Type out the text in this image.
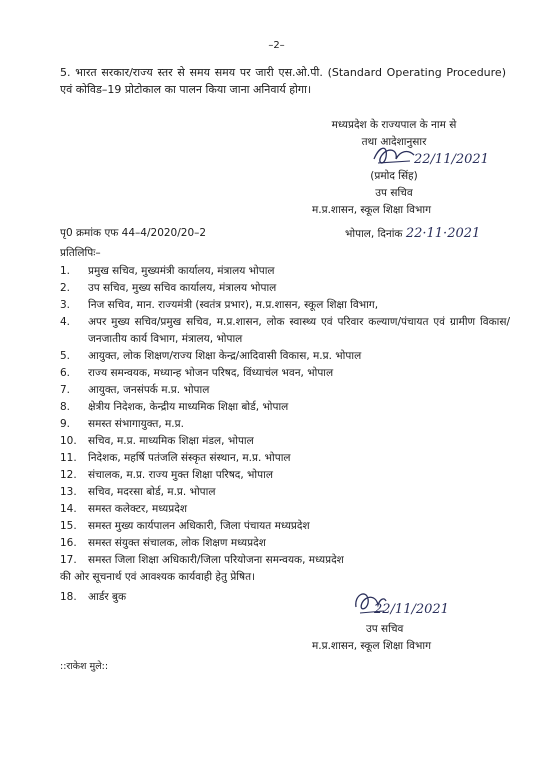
–2–
5. भारत सरकार/राज्य स्तर से समय समय पर जारी एस.ओ.पी. (Standard Operating Procedure) एवं कोविड–19 प्रोटोकाल का पालन किया जाना अनिवार्य होगा।
मध्यप्रदेश के राज्यपाल के नाम से
तथा आदेशानुसार
22/11/2021
(प्रमोद सिंह)
उप सचिव
म.प्र.शासन, स्कूल शिक्षा विभाग
पृ0 क्रमांक एफ 44–4/2020/20–2	भोपाल, दिनांक 22·11·2021
प्रतिलिपिः–
1.	प्रमुख सचिव, मुख्यमंत्री कार्यालय, मंत्रालय भोपाल
2.	उप सचिव, मुख्य सचिव कार्यालय, मंत्रालय भोपाल
3.	निज सचिव, मान. राज्यमंत्री (स्वतंत्र प्रभार), म.प्र.शासन, स्कूल शिक्षा विभाग,
4.	अपर मुख्य सचिव/प्रमुख सचिव, म.प्र.शासन, लोक स्वास्थ्य एवं परिवार कल्याण/पंचायत एवं ग्रामीण विकास/जनजातीय कार्य विभाग, मंत्रालय, भोपाल
5.	आयुक्त, लोक शिक्षण/राज्य शिक्षा केन्द्र/आदिवासी विकास, म.प्र. भोपाल
6.	राज्य समन्वयक, मध्यान्ह भोजन परिषद, विंध्याचंल भवन, भोपाल
7.	आयुक्त, जनसंपर्क म.प्र. भोपाल
8.	क्षेत्रीय निदेशक, केन्द्रीय माध्यमिक शिक्षा बोर्ड, भोपाल
9.	समस्त संभागायुक्त, म.प्र.
10.	सचिव, म.प्र. माध्यमिक शिक्षा मंडल, भोपाल
11.	निदेशक, महर्षि पतंजलि संस्कृत संस्थान, म.प्र. भोपाल
12.	संचालक, म.प्र. राज्य मुक्त शिक्षा परिषद, भोपाल
13.	सचिव, मदरसा बोर्ड, म.प्र. भोपाल
14.	समस्त कलेक्टर, मध्यप्रदेश
15.	समस्त मुख्य कार्यपालन अधिकारी, जिला पंचायत मध्यप्रदेश
16.	समस्त संयुक्त संचालक, लोक शिक्षण मध्यप्रदेश
17.	समस्त जिला शिक्षा अधिकारी/जिला परियोजना समन्वयक, मध्यप्रदेश
की ओर सूचनार्थ एवं आवश्यक कार्यवाही हेतु प्रेषित।
18.	आर्डर बुक
22/11/2021
उप सचिव
म.प्र.शासन, स्कूल शिक्षा विभाग
::राकेश मुले::
